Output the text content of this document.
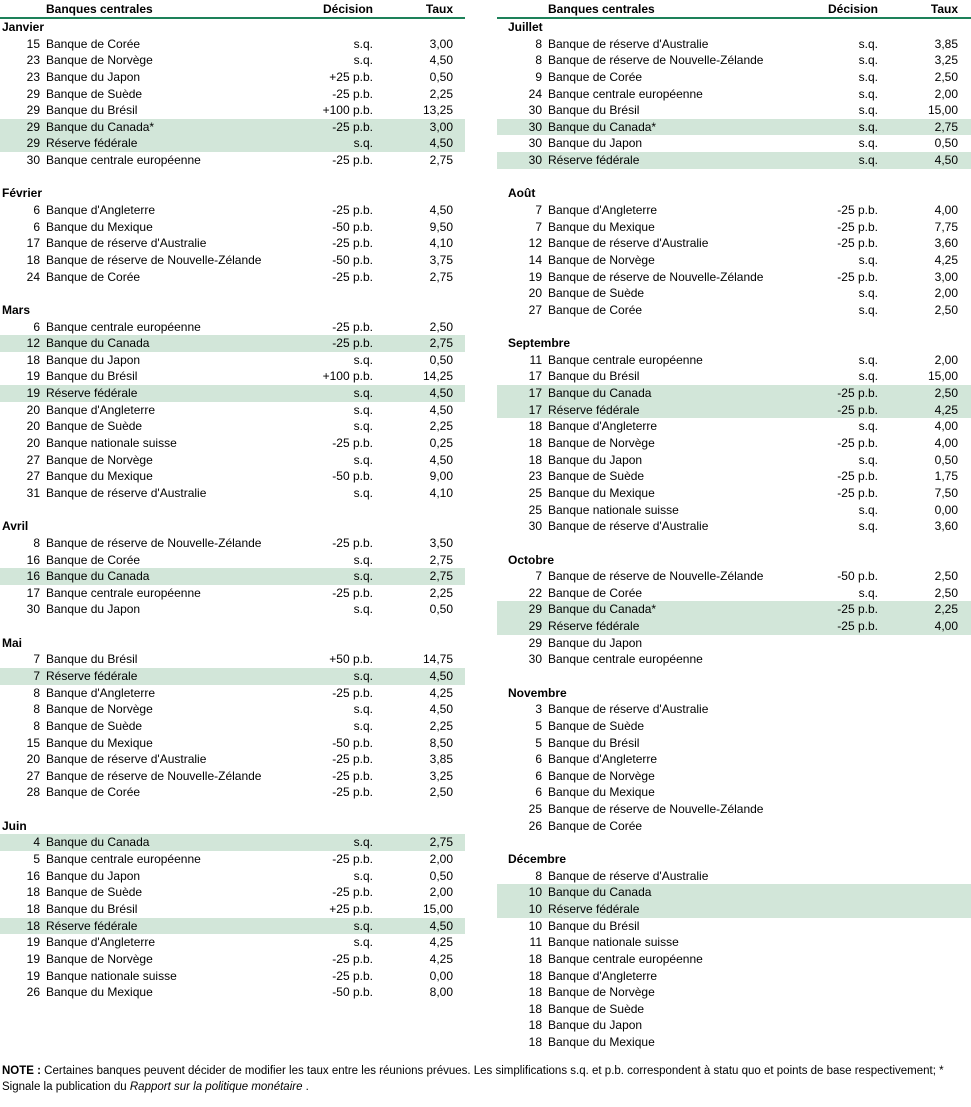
Banques centrales	Décision	Taux
Janvier
15 Banque de Corée	s.q.	3,00
23 Banque de Norvège	s.q.	4,50
23 Banque du Japon	+25 p.b.	0,50
29 Banque de Suède	-25 p.b.	2,25
29 Banque du Brésil	+100 p.b.	13,25
29 Banque du Canada*	-25 p.b.	3,00
29 Réserve fédérale	s.q.	4,50
30 Banque centrale européenne	-25 p.b.	2,75
Février
6 Banque d'Angleterre	-25 p.b.	4,50
6 Banque du Mexique	-50 p.b.	9,50
17 Banque de réserve d'Australie	-25 p.b.	4,10
18 Banque de réserve de Nouvelle-Zélande	-50 p.b.	3,75
24 Banque de Corée	-25 p.b.	2,75
Mars
6 Banque centrale européenne	-25 p.b.	2,50
12 Banque du Canada	-25 p.b.	2,75
18 Banque du Japon	s.q.	0,50
19 Banque du Brésil	+100 p.b.	14,25
19 Réserve fédérale	s.q.	4,50
20 Banque d'Angleterre	s.q.	4,50
20 Banque de Suède	s.q.	2,25
20 Banque nationale suisse	-25 p.b.	0,25
27 Banque de Norvège	s.q.	4,50
27 Banque du Mexique	-50 p.b.	9,00
31 Banque de réserve d'Australie	s.q.	4,10
Avril
8 Banque de réserve de Nouvelle-Zélande	-25 p.b.	3,50
16 Banque de Corée	s.q.	2,75
16 Banque du Canada	s.q.	2,75
17 Banque centrale européenne	-25 p.b.	2,25
30 Banque du Japon	s.q.	0,50
Mai
7 Banque du Brésil	+50 p.b.	14,75
7 Réserve fédérale	s.q.	4,50
8 Banque d'Angleterre	-25 p.b.	4,25
8 Banque de Norvège	s.q.	4,50
8 Banque de Suède	s.q.	2,25
15 Banque du Mexique	-50 p.b.	8,50
20 Banque de réserve d'Australie	-25 p.b.	3,85
27 Banque de réserve de Nouvelle-Zélande	-25 p.b.	3,25
28 Banque de Corée	-25 p.b.	2,50
Juin
4 Banque du Canada	s.q.	2,75
5 Banque centrale européenne	-25 p.b.	2,00
16 Banque du Japon	s.q.	0,50
18 Banque de Suède	-25 p.b.	2,00
18 Banque du Brésil	+25 p.b.	15,00
18 Réserve fédérale	s.q.	4,50
19 Banque d'Angleterre	s.q.	4,25
19 Banque de Norvège	-25 p.b.	4,25
19 Banque nationale suisse	-25 p.b.	0,00
26 Banque du Mexique	-50 p.b.	8,00
Banques centrales	Décision	Taux
Juillet
8 Banque de réserve d'Australie	s.q.	3,85
8 Banque de réserve de Nouvelle-Zélande	s.q.	3,25
9 Banque de Corée	s.q.	2,50
24 Banque centrale européenne	s.q.	2,00
30 Banque du Brésil	s.q.	15,00
30 Banque du Canada*	s.q.	2,75
30 Banque du Japon	s.q.	0,50
30 Réserve fédérale	s.q.	4,50
Août
7 Banque d'Angleterre	-25 p.b.	4,00
7 Banque du Mexique	-25 p.b.	7,75
12 Banque de réserve d'Australie	-25 p.b.	3,60
14 Banque de Norvège	s.q.	4,25
19 Banque de réserve de Nouvelle-Zélande	-25 p.b.	3,00
20 Banque de Suède	s.q.	2,00
27 Banque de Corée	s.q.	2,50
Septembre
11 Banque centrale européenne	s.q.	2,00
17 Banque du Brésil	s.q.	15,00
17 Banque du Canada	-25 p.b.	2,50
17 Réserve fédérale	-25 p.b.	4,25
18 Banque d'Angleterre	s.q.	4,00
18 Banque de Norvège	-25 p.b.	4,00
18 Banque du Japon	s.q.	0,50
23 Banque de Suède	-25 p.b.	1,75
25 Banque du Mexique	-25 p.b.	7,50
25 Banque nationale suisse	s.q.	0,00
30 Banque de réserve d'Australie	s.q.	3,60
Octobre
7 Banque de réserve de Nouvelle-Zélande	-50 p.b.	2,50
22 Banque de Corée	s.q.	2,50
29 Banque du Canada*	-25 p.b.	2,25
29 Réserve fédérale	-25 p.b.	4,00
29 Banque du Japon
30 Banque centrale européenne
Novembre
3 Banque de réserve d'Australie
5 Banque de Suède
5 Banque du Brésil
6 Banque d'Angleterre
6 Banque de Norvège
6 Banque du Mexique
25 Banque de réserve de Nouvelle-Zélande
26 Banque de Corée
Décembre
8 Banque de réserve d'Australie
10 Banque du Canada
10 Réserve fédérale
10 Banque du Brésil
11 Banque nationale suisse
18 Banque centrale européenne
18 Banque d'Angleterre
18 Banque de Norvège
18 Banque de Suède
18 Banque du Japon
18 Banque du Mexique

NOTE : Certaines banques peuvent décider de modifier les taux entre les réunions prévues. Les simplifications s.q. et p.b. correspondent à statu quo et points de base respectivement; * Signale la publication du Rapport sur la politique monétaire .
